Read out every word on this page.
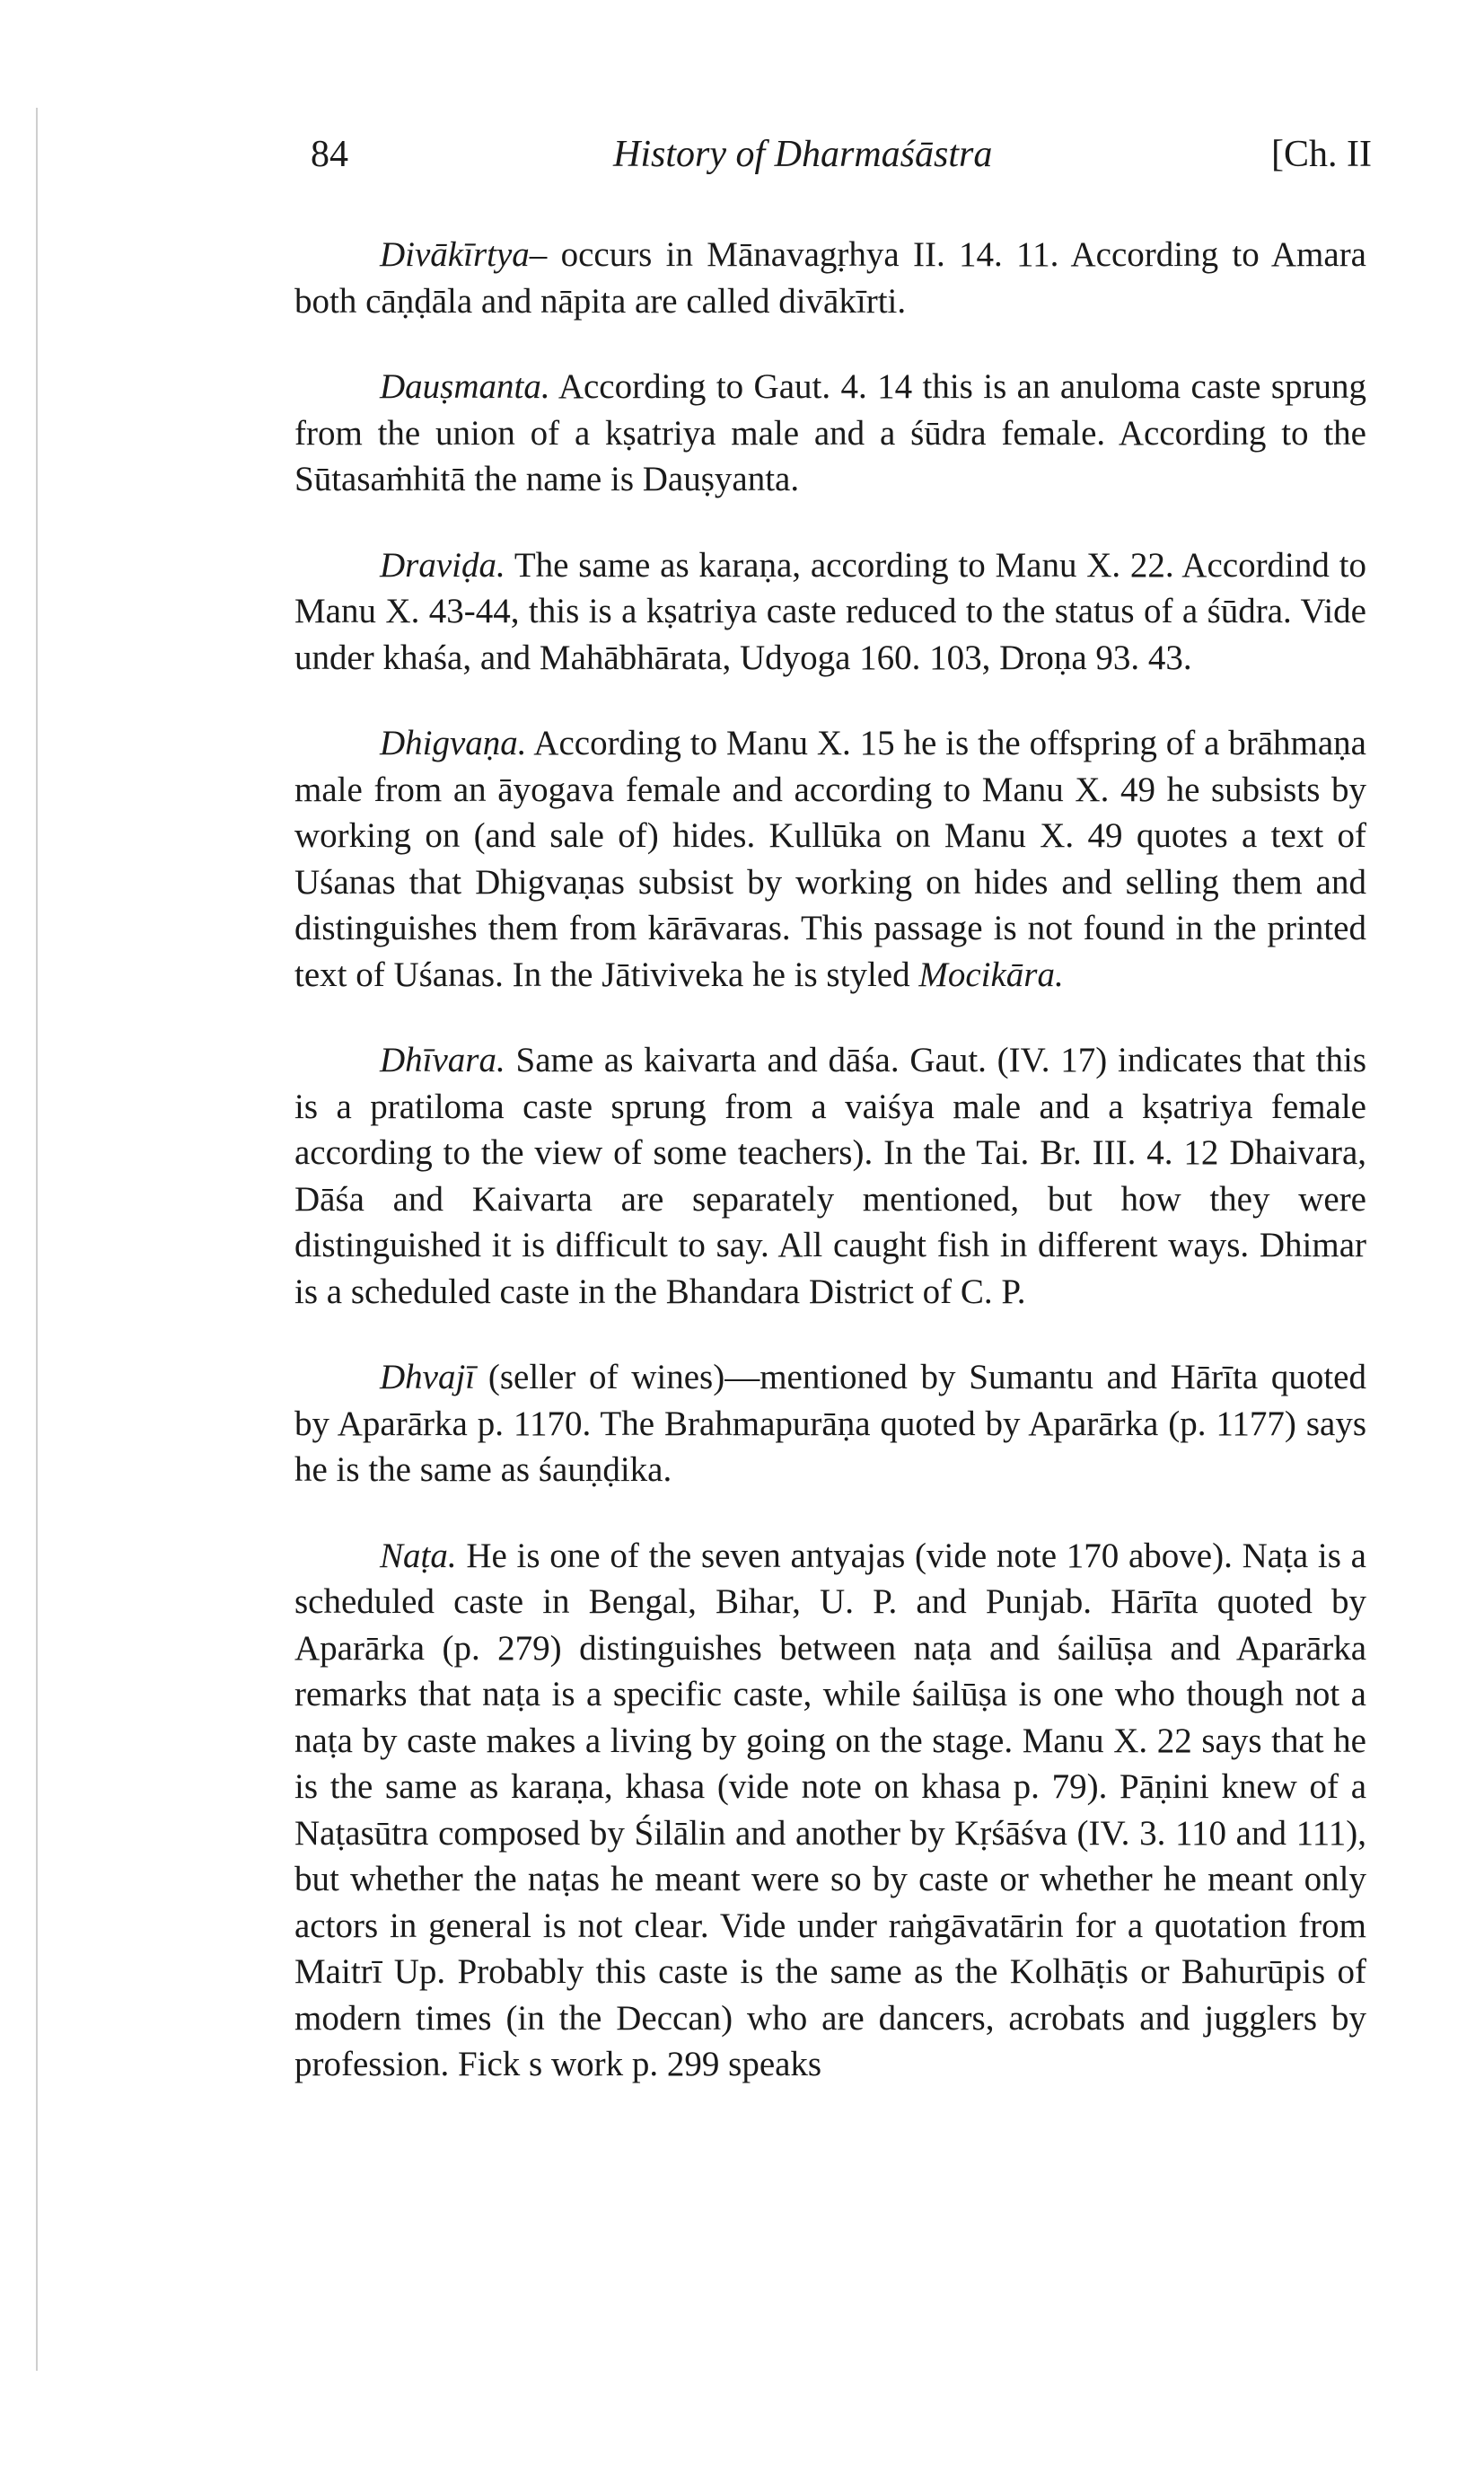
84	History of Dharmaśāstra	[Ch. II

Divākīrtya– occurs in Mānavagṛhya II. 14. 11. According to Amara both cāṇḍāla and nāpita are called divākīrti.

Dauṣmanta. According to Gaut. 4. 14 this is an anuloma caste sprung from the union of a kṣatriya male and a śūdra female. According to the Sūtasaṁhitā the name is Dauṣyanta.

Draviḍa. The same as karaṇa, according to Manu X. 22. Accordind to Manu X. 43-44, this is a kṣatriya caste reduced to the status of a śūdra. Vide under khaśa, and Mahābhārata, Udyoga 160. 103, Droṇa 93. 43.

Dhigvaṇa. According to Manu X. 15 he is the offspring of a brāhmaṇa male from an āyogava female and according to Manu X. 49 he subsists by working on (and sale of) hides. Kullūka on Manu X. 49 quotes a text of Uśanas that Dhigvaṇas subsist by working on hides and selling them and distinguishes them from kārāvaras. This passage is not found in the printed text of Uśanas. In the Jātiviveka he is styled Mocikāra.

Dhīvara. Same as kaivarta and dāśa. Gaut. (IV. 17) indicates that this is a pratiloma caste sprung from a vaiśya male and a kṣatriya female according to the view of some teachers). In the Tai. Br. III. 4. 12 Dhaivara, Dāśa and Kaivarta are separately mentioned, but how they were distinguished it is difficult to say. All caught fish in different ways. Dhimar is a scheduled caste in the Bhandara District of C. P.

Dhvajī (seller of wines)—mentioned by Sumantu and Hārīta quoted by Aparārka p. 1170. The Brahmapurāṇa quoted by Aparārka (p. 1177) says he is the same as śauṇḍika.

Naṭa. He is one of the seven antyajas (vide note 170 above). Naṭa is a scheduled caste in Bengal, Bihar, U. P. and Punjab. Hārīta quoted by Aparārka (p. 279) distinguishes between naṭa and śailūṣa and Aparārka remarks that naṭa is a specific caste, while śailūṣa is one who though not a naṭa by caste makes a living by going on the stage. Manu X. 22 says that he is the same as karaṇa, khasa (vide note on khasa p. 79). Pāṇini knew of a Naṭasūtra composed by Śilālin and another by Kṛśāśva (IV. 3. 110 and 111), but whether the naṭas he meant were so by caste or whether he meant only actors in general is not clear. Vide under raṅgāvatārin for a quotation from Maitrī Up. Probably this caste is the same as the Kolhāṭis or Bahurūpis of modern times (in the Deccan) who are dancers, acrobats and jugglers by profession. Fick s work p. 299 speaks
